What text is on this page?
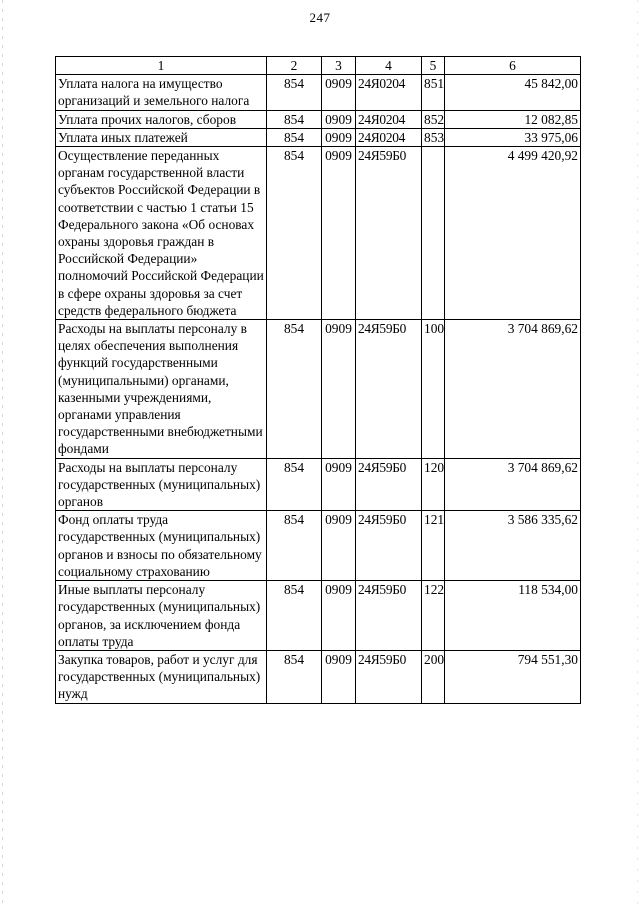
247
1	2	3	4	5	6
Уплата налога на имущество организаций и земельного налога	854	0909	24Я0204	851	45 842,00
Уплата прочих налогов, сборов	854	0909	24Я0204	852	12 082,85
Уплата иных платежей	854	0909	24Я0204	853	33 975,06
Осуществление переданных органам государственной власти субъектов Российской Федерации в соответствии с частью 1 статьи 15 Федерального закона «Об основах охраны здоровья граждан в Российской Федерации» полномочий Российской Федерации в сфере охраны здоровья за счет средств федерального бюджета	854	0909	24Я59Б0		4 499 420,92
Расходы на выплаты персоналу в целях обеспечения выполнения функций государственными (муниципальными) органами, казенными учреждениями, органами управления государственными внебюджетными фондами	854	0909	24Я59Б0	100	3 704 869,62
Расходы на выплаты персоналу государственных (муниципальных) органов	854	0909	24Я59Б0	120	3 704 869,62
Фонд оплаты труда государственных (муниципальных) органов и взносы по обязательному социальному страхованию	854	0909	24Я59Б0	121	3 586 335,62
Иные выплаты персоналу государственных (муниципальных) органов, за исключением фонда оплаты труда	854	0909	24Я59Б0	122	118 534,00
Закупка товаров, работ и услуг для государственных (муниципальных) нужд	854	0909	24Я59Б0	200	794 551,30
